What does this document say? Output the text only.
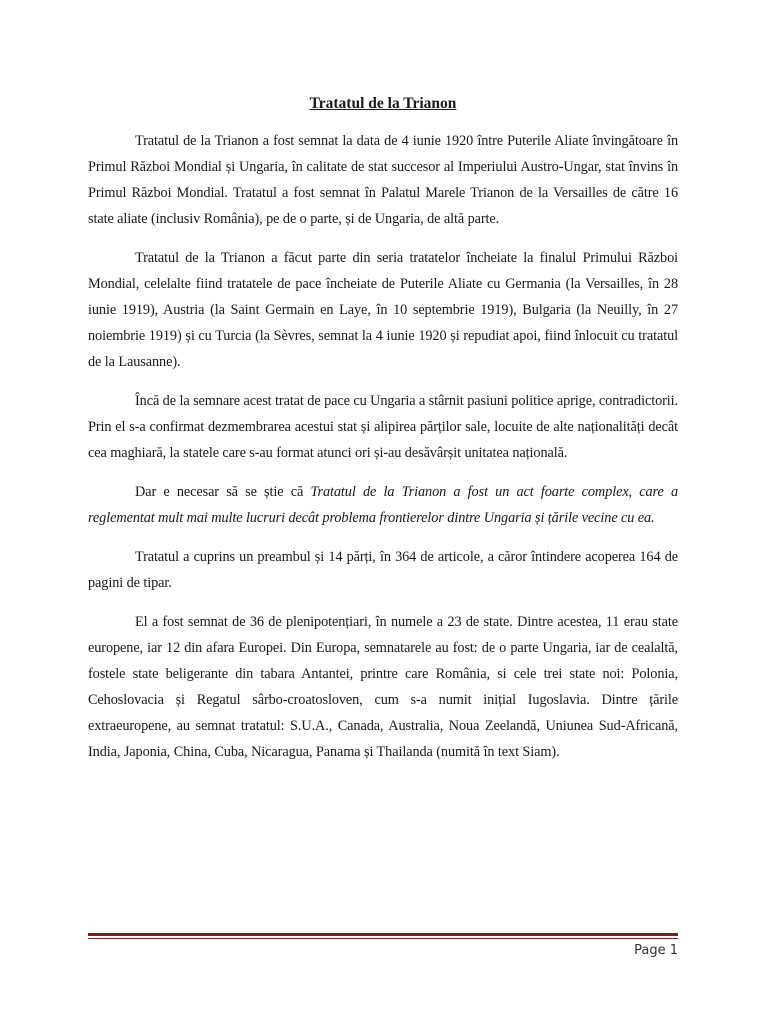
Tratatul de la Trianon

Tratatul de la Trianon a fost semnat la data de 4 iunie 1920 între Puterile Aliate învingătoare în Primul Război Mondial și Ungaria, în calitate de stat succesor al Imperiului Austro-Ungar, stat învins în Primul Război Mondial. Tratatul a fost semnat în Palatul Marele Trianon de la Versailles de către 16 state aliate (inclusiv România), pe de o parte, și de Ungaria, de altă parte.

Tratatul de la Trianon a făcut parte din seria tratatelor încheiate la finalul Primului Război Mondial, celelalte fiind tratatele de pace încheiate de Puterile Aliate cu Germania (la Versailles, în 28 iunie 1919), Austria (la Saint Germain en Laye, în 10 septembrie 1919), Bulgaria (la Neuilly, în 27 noiembrie 1919) și cu Turcia (la Sèvres, semnat la 4 iunie 1920 și repudiat apoi, fiind înlocuit cu tratatul de la Lausanne).

Încă de la semnare acest tratat de pace cu Ungaria a stârnit pasiuni politice aprige, contradictorii. Prin el s-a confirmat dezmembrarea acestui stat și alipirea părților sale, locuite de alte naționalități decât cea maghiară, la statele care s-au format atunci ori și-au desăvârșit unitatea națională.

Dar e necesar să se știe că Tratatul de la Trianon a fost un act foarte complex, care a reglementat mult mai multe lucruri decât problema frontierelor dintre Ungaria și țările vecine cu ea.

Tratatul a cuprins un preambul și 14 părți, în 364 de articole, a căror întindere acoperea 164 de pagini de tipar.

El a fost semnat de 36 de plenipotențiari, în numele a 23 de state. Dintre acestea, 11 erau state europene, iar 12 din afara Europei. Din Europa, semnatarele au fost: de o parte Ungaria, iar de cealaltă, fostele state beligerante din tabara Antantei, printre care România, si cele trei state noi: Polonia, Cehoslovacia și Regatul sârbo-croatosloven, cum s-a numit inițial Iugoslavia. Dintre țările extraeuropene, au semnat tratatul: S.U.A., Canada, Australia, Noua Zeelandă, Uniunea Sud-Africană, India, Japonia, China, Cuba, Nicaragua, Panama și Thailanda (numită în text Siam).

Page 1
